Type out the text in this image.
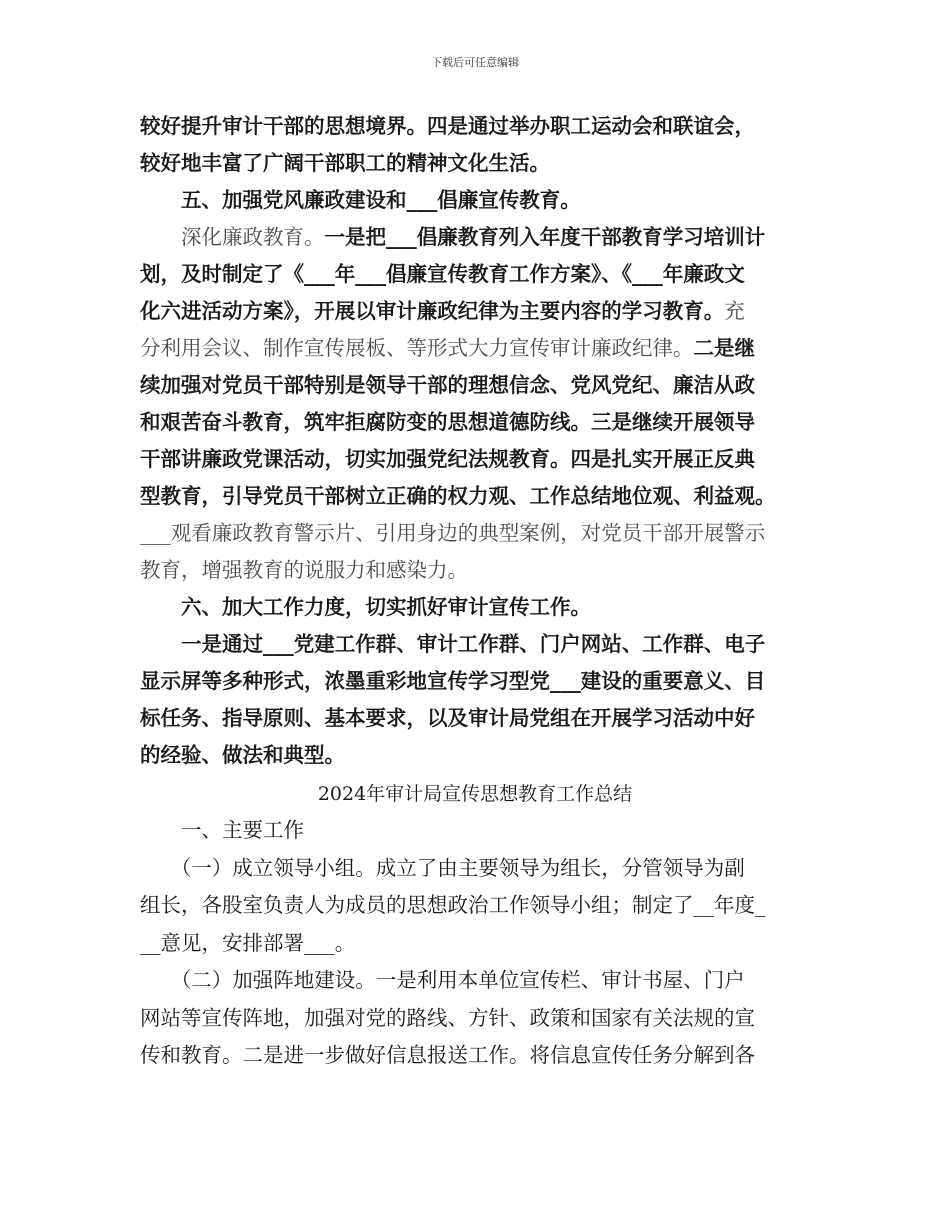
下载后可任意编辑
较好提升审计干部的思想境界。四是通过举办职工运动会和联谊会，
较好地丰富了广阔干部职工的精神文化生活。
　　五、加强党风廉政建设和___倡廉宣传教育。
　　深化廉政教育。一是把___倡廉教育列入年度干部教育学习培训计
划，及时制定了《___年___倡廉宣传教育工作方案》、《___年廉政文
化六进活动方案》，开展以审计廉政纪律为主要内容的学习教育。充
分利用会议、制作宣传展板、等形式大力宣传审计廉政纪律。二是继
续加强对党员干部特别是领导干部的理想信念、党风党纪、廉洁从政
和艰苦奋斗教育，筑牢拒腐防变的思想道德防线。三是继续开展领导
干部讲廉政党课活动，切实加强党纪法规教育。四是扎实开展正反典
型教育，引导党员干部树立正确的权力观、工作总结地位观、利益观。
___观看廉政教育警示片、引用身边的典型案例，对党员干部开展警示
教育，增强教育的说服力和感染力。
　　六、加大工作力度，切实抓好审计宣传工作。
　　一是通过___党建工作群、审计工作群、门户网站、工作群、电子
显示屏等多种形式，浓墨重彩地宣传学习型党___建设的重要意义、目
标任务、指导原则、基本要求，以及审计局党组在开展学习活动中好
的经验、做法和典型。
2024年审计局宣传思想教育工作总结
　　一、主要工作
　　（一）成立领导小组。成立了由主要领导为组长，分管领导为副
组长，各股室负责人为成员的思想政治工作领导小组；制定了__年度_
__意见，安排部署___。
　　（二）加强阵地建设。一是利用本单位宣传栏、审计书屋、门户
网站等宣传阵地，加强对党的路线、方针、政策和国家有关法规的宣
传和教育。二是进一步做好信息报送工作。将信息宣传任务分解到各
